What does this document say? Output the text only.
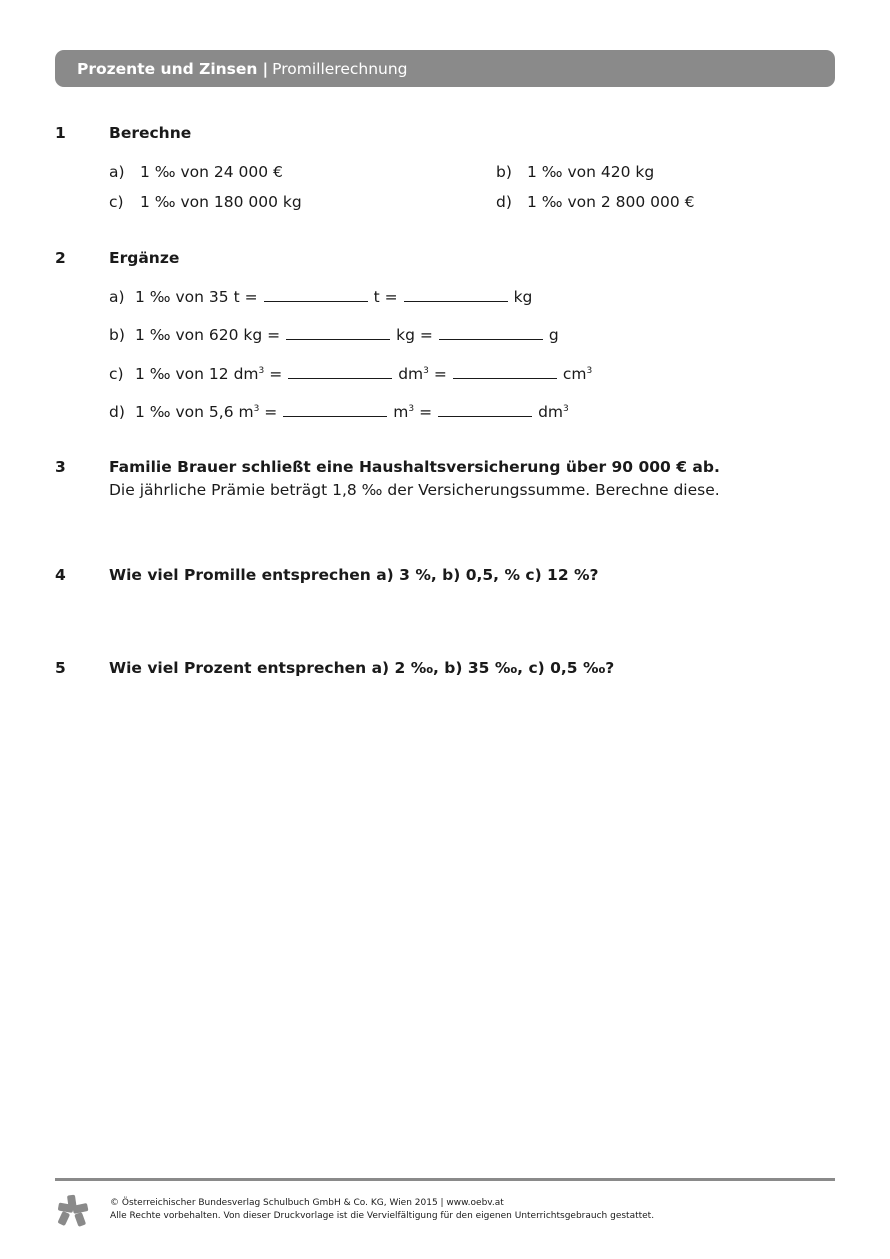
Prozente und Zinsen | Promillerechnung
1	Berechne
a) 1 ‰ von 24 000 €	b) 1 ‰ von 420 kg
c) 1 ‰ von 180 000 kg	d) 1 ‰ von 2 800 000 €
2	Ergänze
a) 1 ‰ von 35 t =	t =	kg
b) 1 ‰ von 620 kg =	kg =	g
c) 1 ‰ von 12 $dm^3$ =	$dm^3$ =	$cm^3$
d) 1 ‰ von 5,6 $m^3$ =	$m^3$ =	$dm^3$
3	Familie Brauer schließt eine Haushaltsversicherung über 90 000 € ab.
Die jährliche Prämie beträgt 1,8 ‰ der Versicherungssumme. Berechne diese.
4	Wie viel Promille entsprechen a) 3 %, b) 0,5, % c) 12 %?
5	Wie viel Prozent entsprechen a) 2 ‰, b) 35 ‰, c) 0,5 ‰?
© Österreichischer Bundesverlag Schulbuch GmbH & Co. KG, Wien 2015 | www.oebv.at
Alle Rechte vorbehalten. Von dieser Druckvorlage ist die Vervielfältigung für den eigenen Unterrichtsgebrauch gestattet.
